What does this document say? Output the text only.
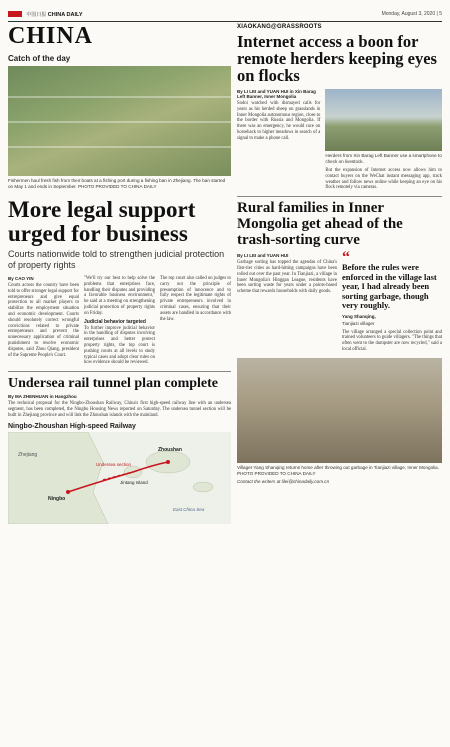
中国日报 CHINA DAILY	Monday, August 3, 2020 | 5
CHINA
Catch of the day
Fishermen haul fresh fish from their boats at a fishing port during a fishing ban in Zhejiang. The ban started on May 1 and ends in September. PHOTO PROVIDED TO CHINA DAILY
More legal support urged for business
Courts nationwide told to strengthen judicial protection of property rights
By CAO YIN

Courts across the country have been told to offer stronger legal support for entrepreneurs and give equal protection to all market players to stabilize the employment situation and economic development. Courts should resolutely correct wrongful convictions related to private entrepreneurs and prevent the unnecessary application of criminal punishment to resolve economic disputes, said Zhou Qiang, president of the Supreme People's Court.

"We'll try our best to help solve the problems that enterprises face, handling their disputes and providing a favorable business environment," he said at a meeting on strengthening judicial protection of property rights on Friday.

Judicial behavior targeted

To further improve judicial behavior in the handling of disputes involving enterprises and better protect property rights, the top court is pushing courts at all levels to study typical cases and adopt clear rules on how evidence should be reviewed.

The top court also called on judges to carry out the principle of presumption of innocence and to fully respect the legitimate rights of private entrepreneurs involved in criminal cases, ensuring that their assets are handled in accordance with the law.

Undersea rail tunnel plan complete
By MA ZHENHUAN in Hangzhou

The technical proposal for the Ningbo-Zhoushan Railway, China's first high-speed railway line with an undersea segment, has been completed, the Ningbo Housing News reported on Saturday. The undersea tunnel section will be built in Zhejiang province and will link the Zhoushan islands with the mainland.

Ningbo-Zhoushan High-speed Railway
Ningbo
Zhoushan
Jintang Island
Undersea section
Zhejiang
East China Sea
XIAOKANG@GRASSROOTS
Internet access a boon for remote herders keeping eyes on flocks
By LI LEI and YUAN HUI in Xin Barag Left Banner, Inner Mongolia

Sodoi watched with dismayed calls for years as his herded sheep on grasslands in Inner Mongolia autonomous region, close to the border with Russia and Mongolia. If there was an emergency, he would race on horseback to higher meadows in search of a signal to make a phone call.

Herders from Xin Barag Left Banner use a smartphone to check on livestock.

But the expansion of Internet access now allows him to contact buyers on the WeChat instant messaging app, track weather and follow news online while keeping an eye on his flock remotely via cameras.

Rural families in Inner Mongolia get ahead of the trash-sorting curve
By LI LEI and YUAN HUI

Garbage sorting has topped the agendas of China's first-tier cities as hard-hitting campaigns have been rolled out over the past year. In Tianjiazi, a village in Inner Mongolia's Hinggan League, residents have been sorting waste for years under a points-based scheme that rewards households with daily goods.

“
Before the rules were enforced in the village last year, I had already been sorting garbage, though very roughly.
Yang Shanqing,
Tianjiazi villager

The village arranged a special collection point and trained volunteers to guide villagers. "The things that often went to the dumpster are now recycled," said a local official.

Villager Yang Shanqing returns home after throwing out garbage in Tianjiazi village, Inner Mongolia. PHOTO PROVIDED TO CHINA DAILY

Contact the writers at lilei@chinadaily.com.cn
